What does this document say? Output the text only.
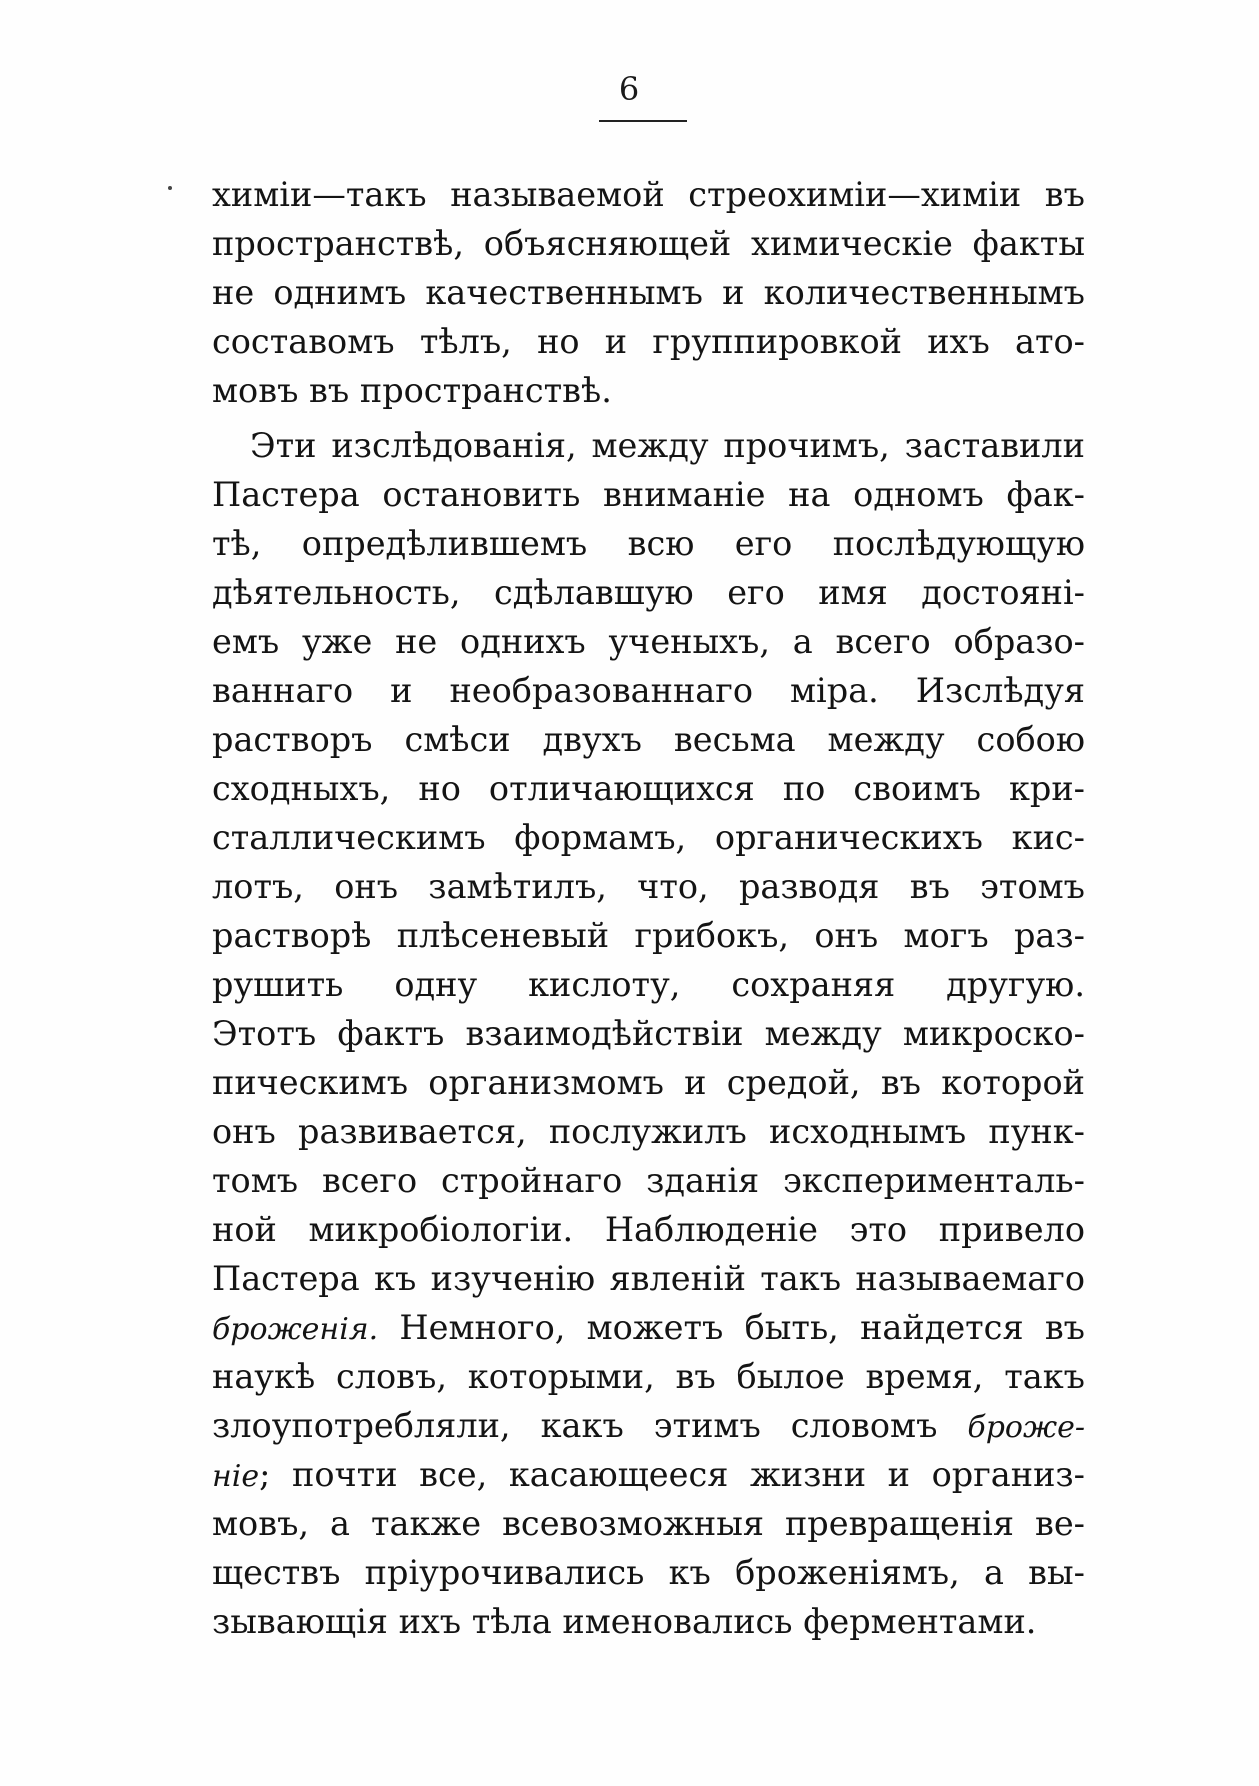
6
химіи—такъ называемой стреохиміи—химіи въ
пространствѣ, объясняющей химическіе факты
не однимъ качественнымъ и количественнымъ
составомъ тѣлъ, но и группировкой ихъ ато-
мовъ въ пространствѣ.
Эти изслѣдованія, между прочимъ, заставили
Пастера остановить вниманіе на одномъ фак-
тѣ, опредѣлившемъ всю его послѣдующую
дѣятельность, сдѣлавшую его имя достояні-
емъ уже не однихъ ученыхъ, а всего образо-
ваннаго и необразованнаго міра. Изслѣдуя
растворъ смѣси двухъ весьма между собою
сходныхъ, но отличающихся по своимъ кри-
сталлическимъ формамъ, органическихъ кис-
лотъ, онъ замѣтилъ, что, разводя въ этомъ
растворѣ плѣсеневый грибокъ, онъ могъ раз-
рушить одну кислоту, сохраняя другую.
Этотъ фактъ взаимодѣйствіи между микроско-
пическимъ организмомъ и средой, въ которой
онъ развивается, послужилъ исходнымъ пунк-
томъ всего стройнаго зданія эксперименталь-
ной микробіологіи. Наблюденіе это привело
Пастера къ изученію явленій такъ называемаго
броженія. Немного, можетъ быть, найдется въ
наукѣ словъ, которыми, въ былое время, такъ
злоупотребляли, какъ этимъ словомъ броже-
ніе; почти все, касающееся жизни и организ-
мовъ, а также всевозможныя превращенія ве-
ществъ пріурочивались къ броженіямъ, а вы-
зывающія ихъ тѣла именовались ферментами.
